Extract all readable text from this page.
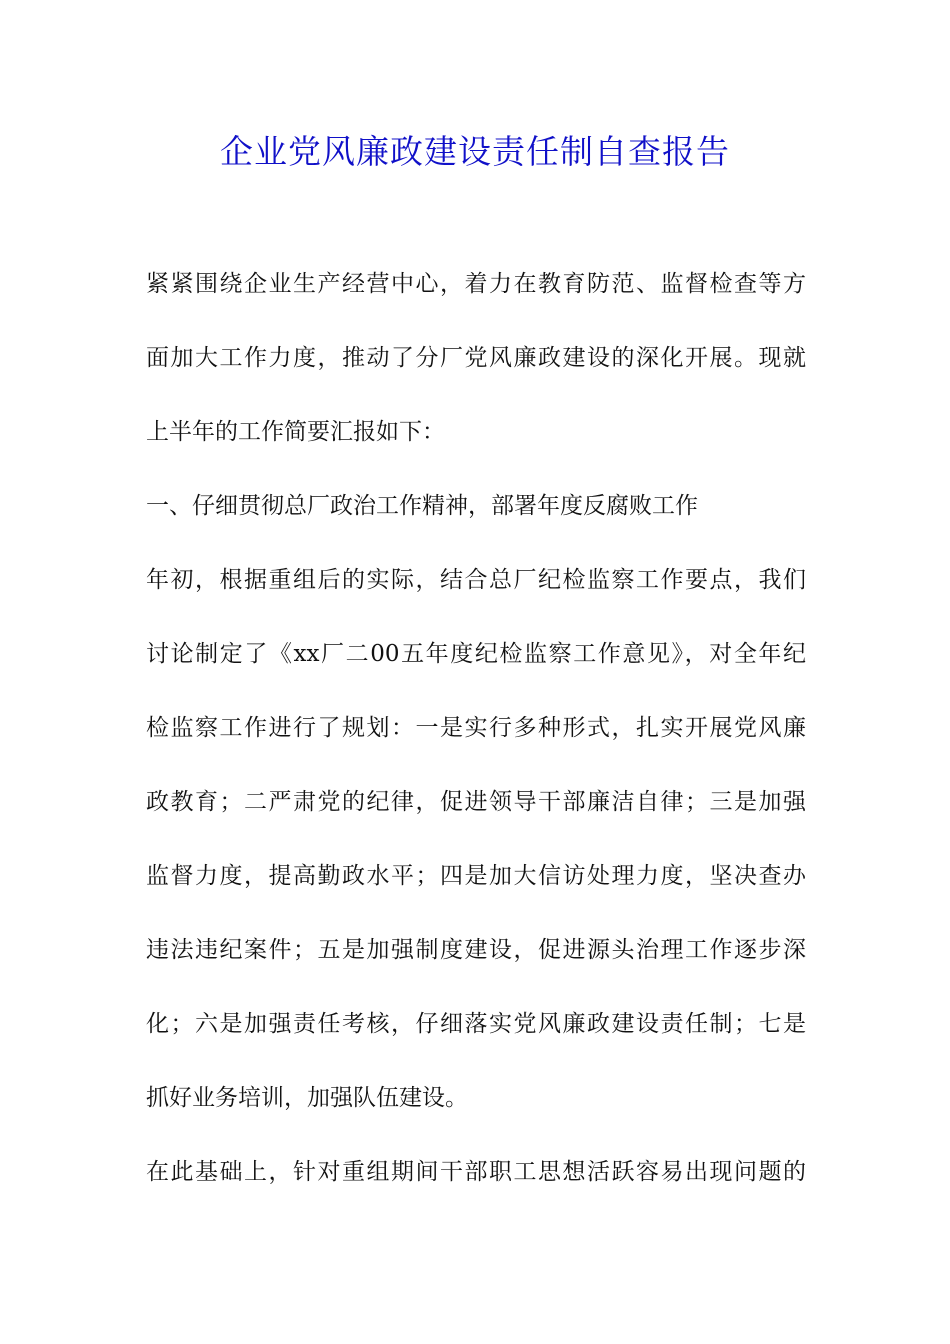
企业党风廉政建设责任制自查报告
紧紧围绕企业生产经营中心，着力在教育防范、监督检查等方
面加大工作力度，推动了分厂党风廉政建设的深化开展。现就
上半年的工作简要汇报如下：
一、仔细贯彻总厂政治工作精神，部署年度反腐败工作
年初，根据重组后的实际，结合总厂纪检监察工作要点，我们
讨论制定了《xx厂二00五年度纪检监察工作意见》，对全年纪
检监察工作进行了规划：一是实行多种形式，扎实开展党风廉
政教育；二严肃党的纪律，促进领导干部廉洁自律；三是加强
监督力度，提高勤政水平；四是加大信访处理力度，坚决查办
违法违纪案件；五是加强制度建设，促进源头治理工作逐步深
化；六是加强责任考核，仔细落实党风廉政建设责任制；七是
抓好业务培训，加强队伍建设。
在此基础上，针对重组期间干部职工思想活跃容易出现问题的
